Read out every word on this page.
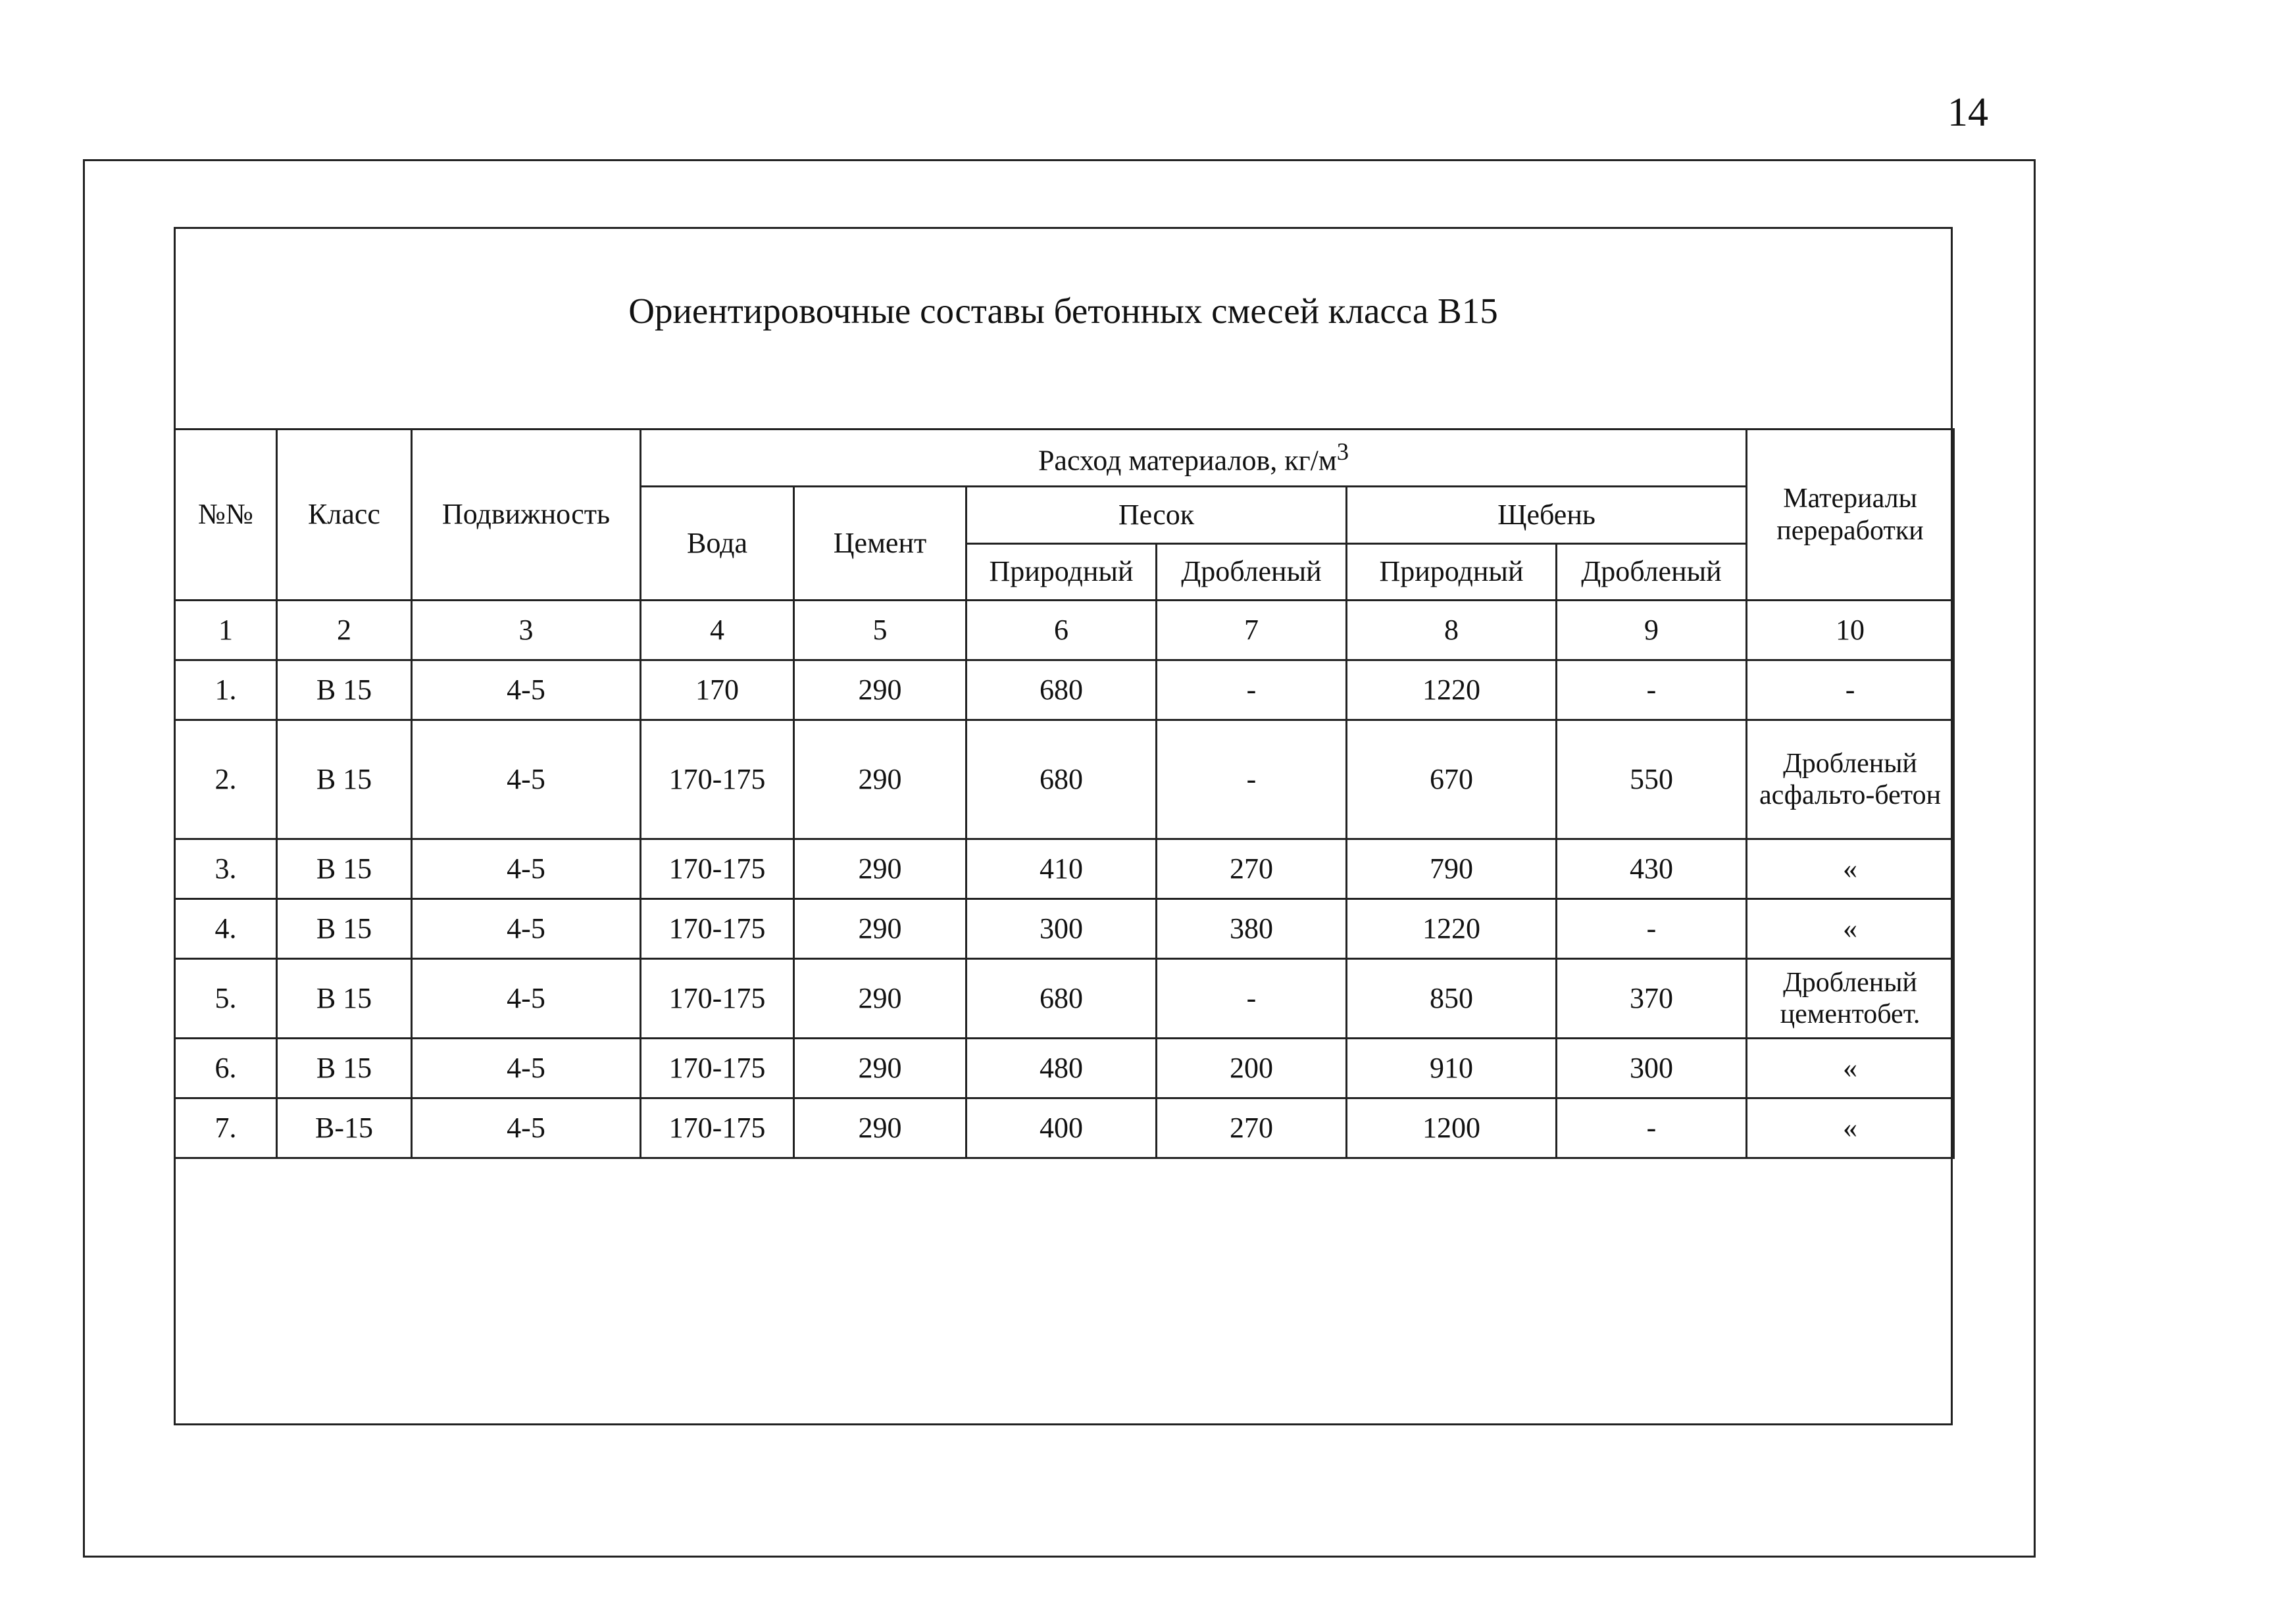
14
Ориентировочные составы бетонных смесей класса В15
№№	Класс	Подвижность	Расход материалов, $кг/м^3$						Материалы переработки
			Вода	Цемент	Песок		Щебень		
					Природный	Дробленый	Природный	Дробленый	
1	2	3	4	5	6	7	8	9	10
1.	В 15	4-5	170	290	680	-	1220	-	-
2.	В 15	4-5	170-175	290	680	-	670	550	Дробленый асфальто-бетон
3.	В 15	4-5	170-175	290	410	270	790	430	«
4.	В 15	4-5	170-175	290	300	380	1220	-	«
5.	В 15	4-5	170-175	290	680	-	850	370	Дробленый цементобет.
6.	В 15	4-5	170-175	290	480	200	910	300	«
7.	В-15	4-5	170-175	290	400	270	1200	-	«
